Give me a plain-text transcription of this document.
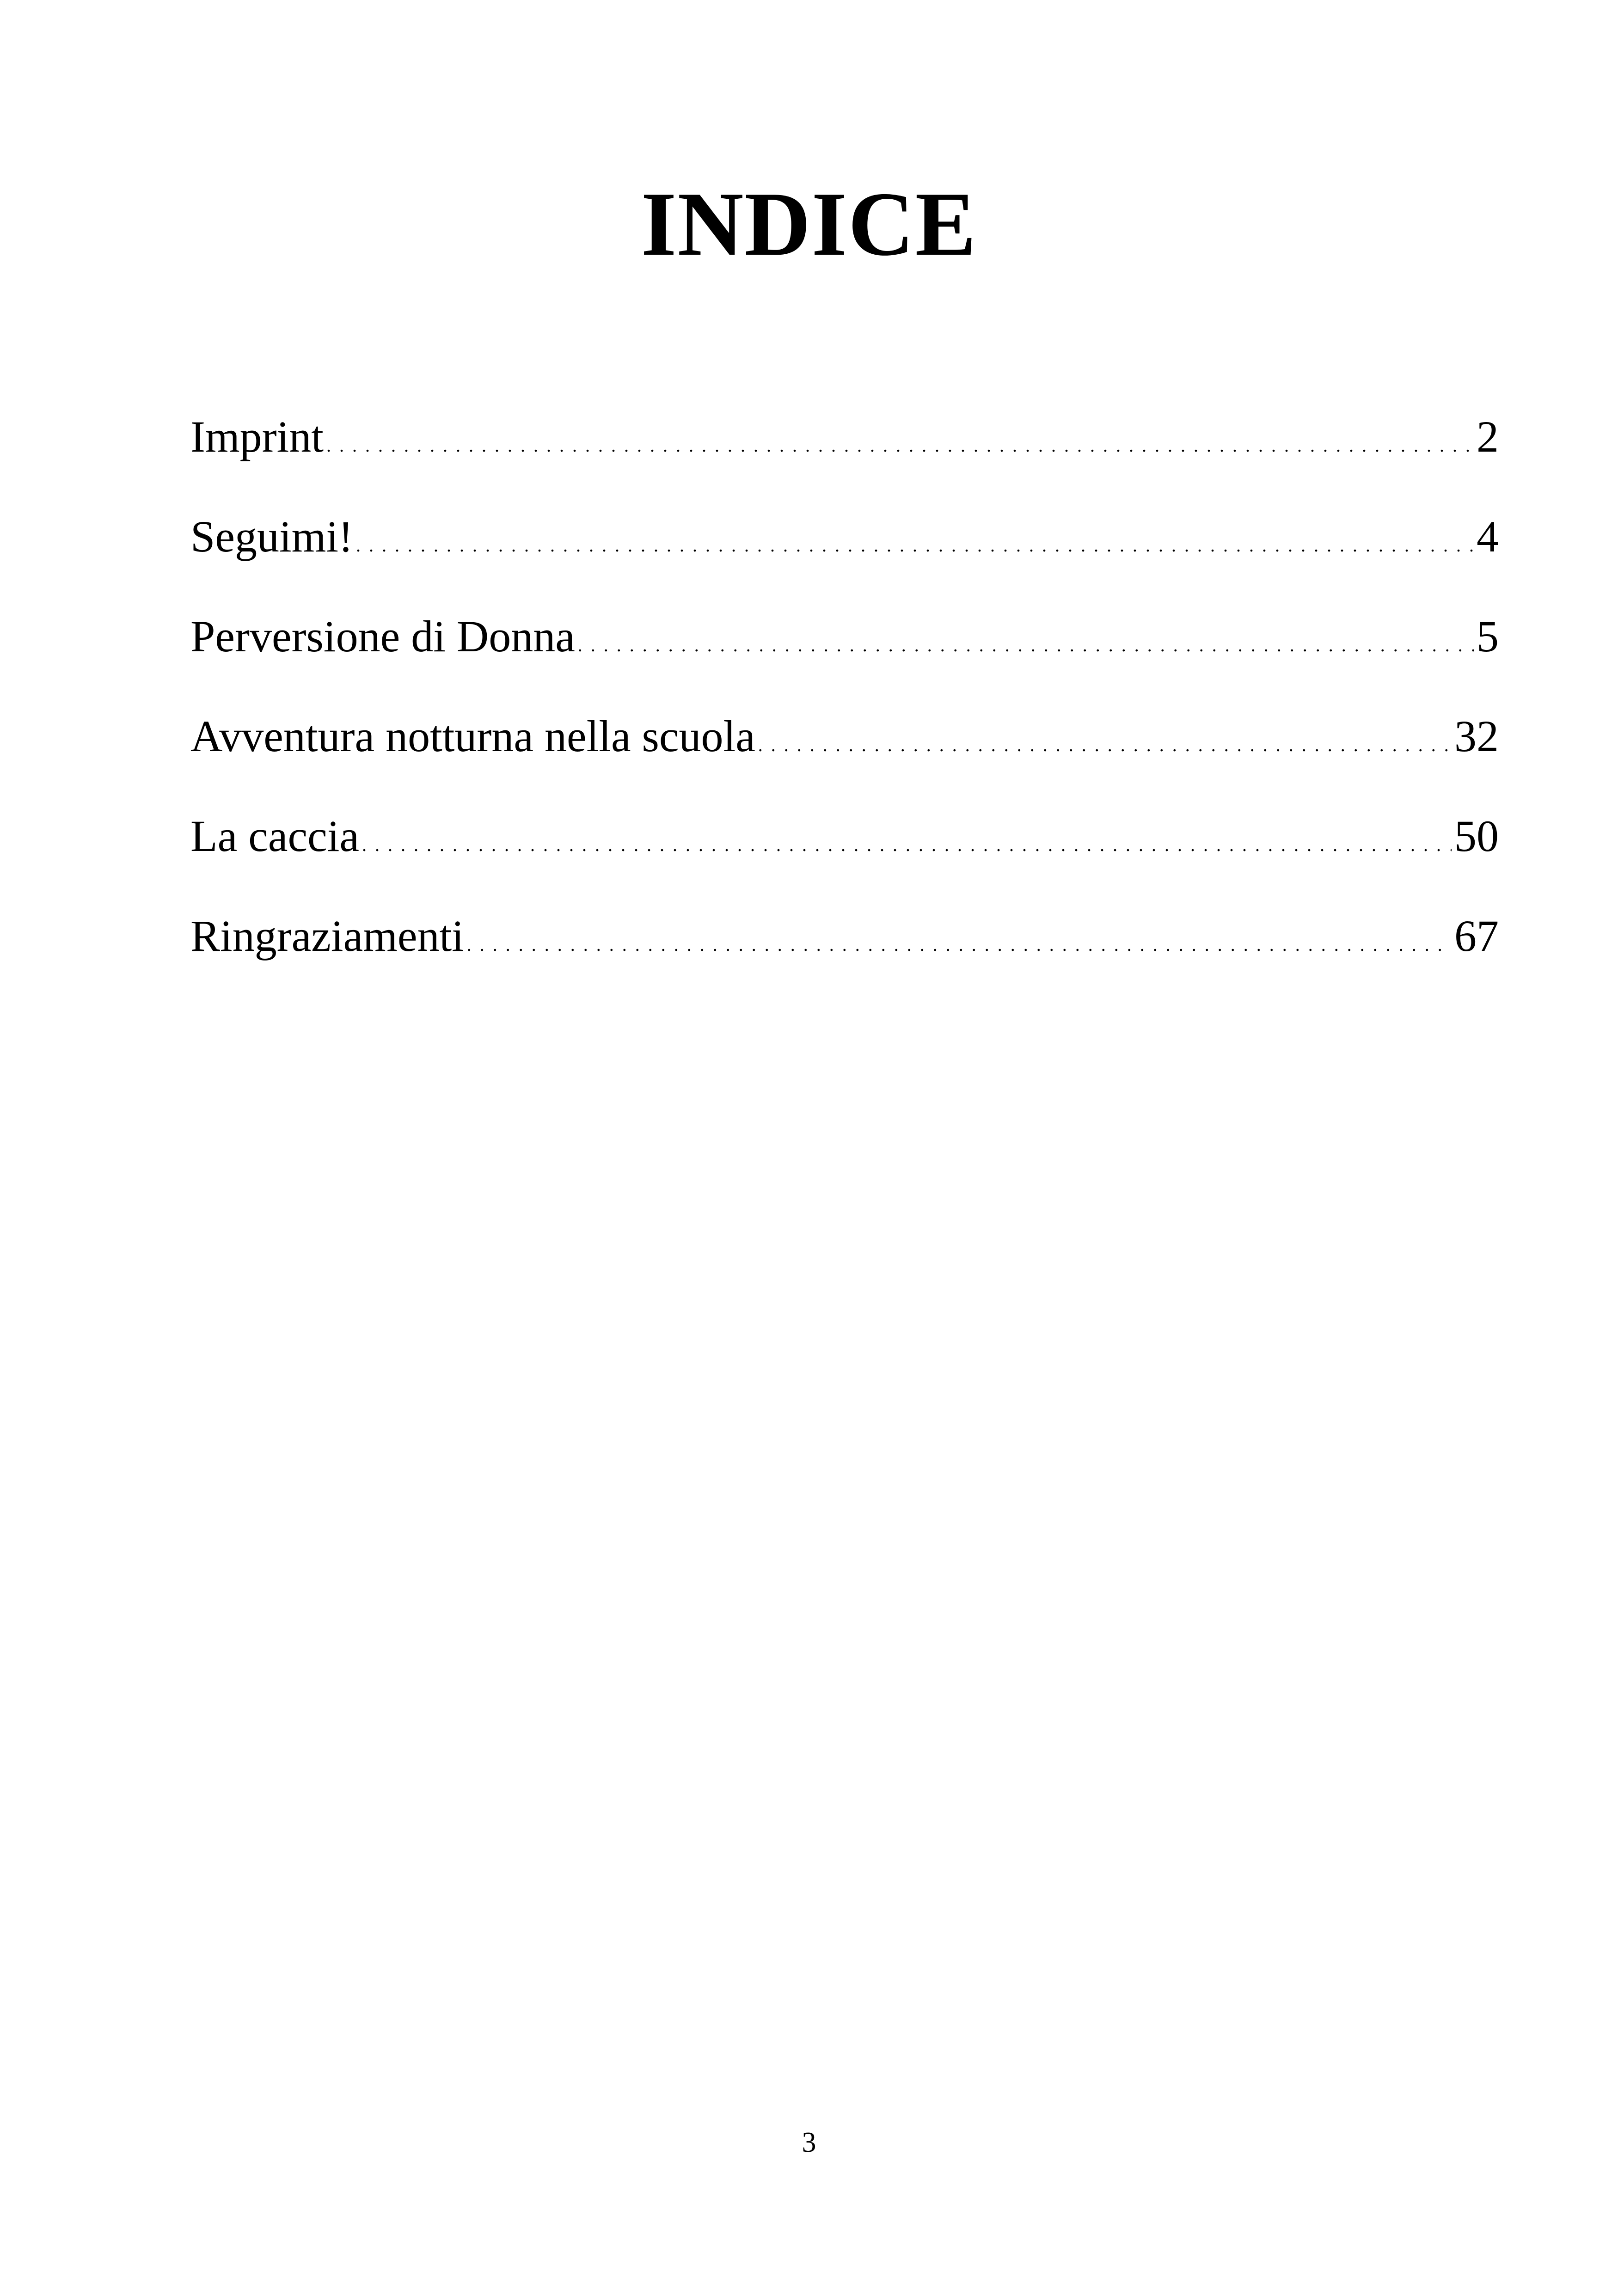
INDICE
Imprint . . .	2
Seguimi! . . .	4
Perversione di Donna . . .	5
Avventura notturna nella scuola . . .	32
La caccia . . .	50
Ringraziamenti . . .	67
3
